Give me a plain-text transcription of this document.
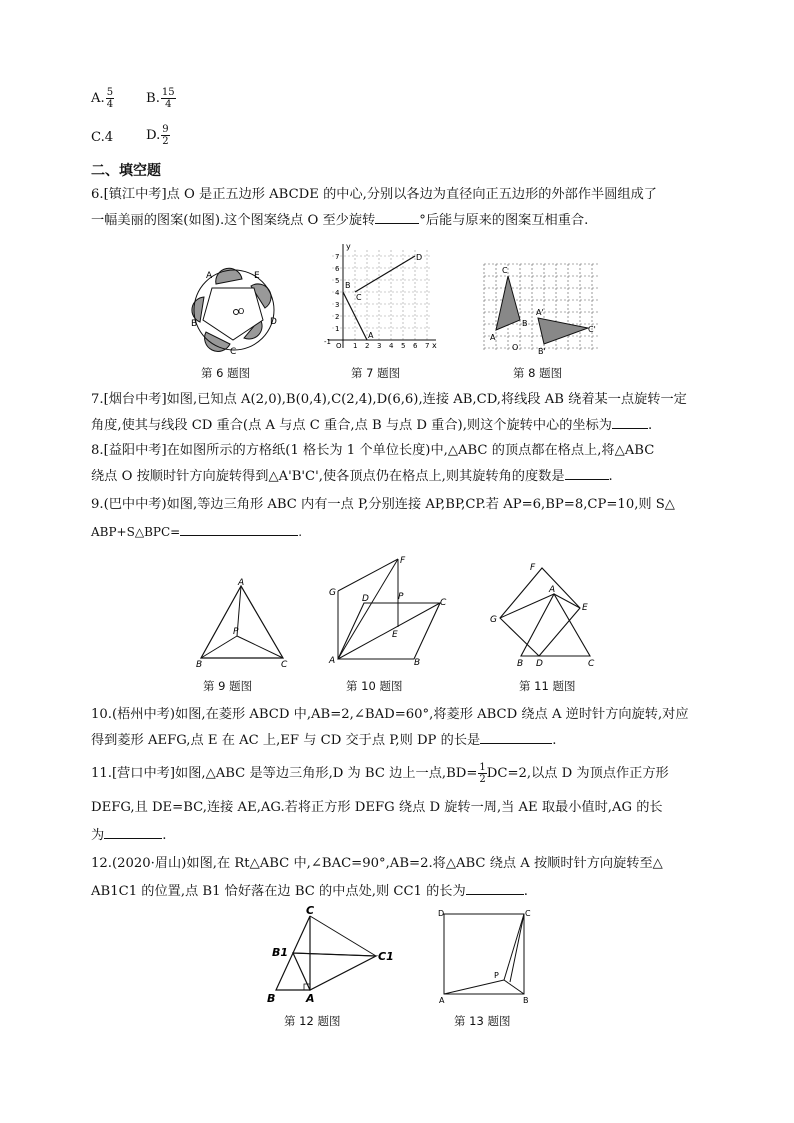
A. $\frac{5}{4} B$. $\frac{15}{4}$
C.4 D. $\frac{9}{2}$
二、填空题
6.[镇江中考]点 O 是正五边形 ABCDE 的中心,分别以各边为直径向正五边形的外部作半圆组成了
一幅美丽的图案(如图).这个图案绕点 O 至少旋转	°后能与原来的图案互相重合.
A	E
B	D
C
O
第 6 题图
y
x
7
6
5
4
3
2
1
1 2 3 4 5 6 7
O
-1
A
B
C
D
第 7 题图
C
A
B
A'
C'
B'
O
第 8 题图
7.[烟台中考]如图,已知点 A(2,0),B(0,4),C(2,4),D(6,6),连接 AB,CD,将线段 AB 绕着某一点旋转一定
角度,使其与线段 CD 重合(点 A 与点 C 重合,点 B 与点 D 重合),则这个旋转中心的坐标为	.
8.[益阳中考]在如图所示的方格纸(1 格长为 1 个单位长度)中,△ABC 的顶点都在格点上,将△ABC
绕点 O 按顺时针方向旋转得到△A'B'C',使各顶点仍在格点上,则其旋转角的度数是	.
9.(巴中中考)如图,等边三角形 ABC 内有一点 P,分别连接 AP,BP,CP.若 AP=6,BP=8,CP=10,则 S△
ABP+S△BPC=	.
A
B	C
P
第 9 题图
F
G
D	P
C
E
A	B
第 10 题图
F
A
E
G
B D	C
第 11 题图
10.(梧州中考)如图,在菱形 ABCD 中,AB=2,∠BAD=60°,将菱形 ABCD 绕点 A 逆时针方向旋转,对应
得到菱形 AEFG,点 E 在 AC 上,EF 与 CD 交于点 P,则 DP 的长是	.
11.[营口中考]如图,△ABC 是等边三角形,D 为 BC 边上一点$,BD= \frac{1}{2} DC=2$,以点 D 为顶点作正方形
DEFG,且 DE=BC,连接 AE,AG.若将正方形 DEFG 绕点 D 旋转一周,当 AE 取最小值时,AG 的长
为	.
12.(2020·眉山)如图,在 Rt△ABC 中,∠BAC=90°,AB=2.将△ABC 绕点 A 按顺时针方向旋转至△
AB1C1 的位置,点 B1 恰好落在边 BC 的中点处,则 CC1 的长为	.
C
B1	C1
B	A
第 12 题图
D	C
P
A	B
第 13 题图
